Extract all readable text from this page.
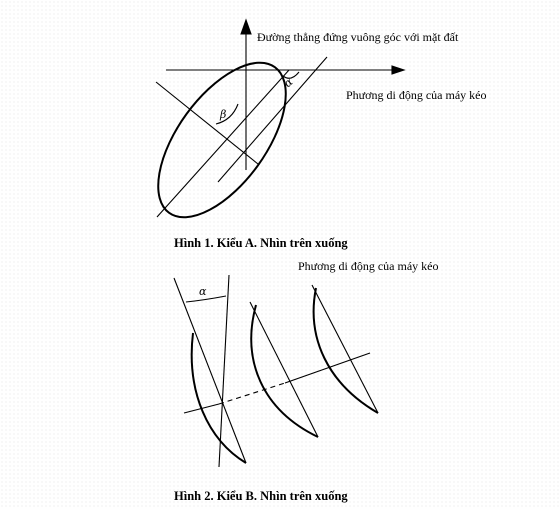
Đường thẳng đứng vuông góc với mặt đất
Phương di động của máy kéo
α
β
Hình 1. Kiểu A. Nhìn trên xuống
Phương di động của máy kéo
α
Hình 2. Kiểu B. Nhìn trên xuống
